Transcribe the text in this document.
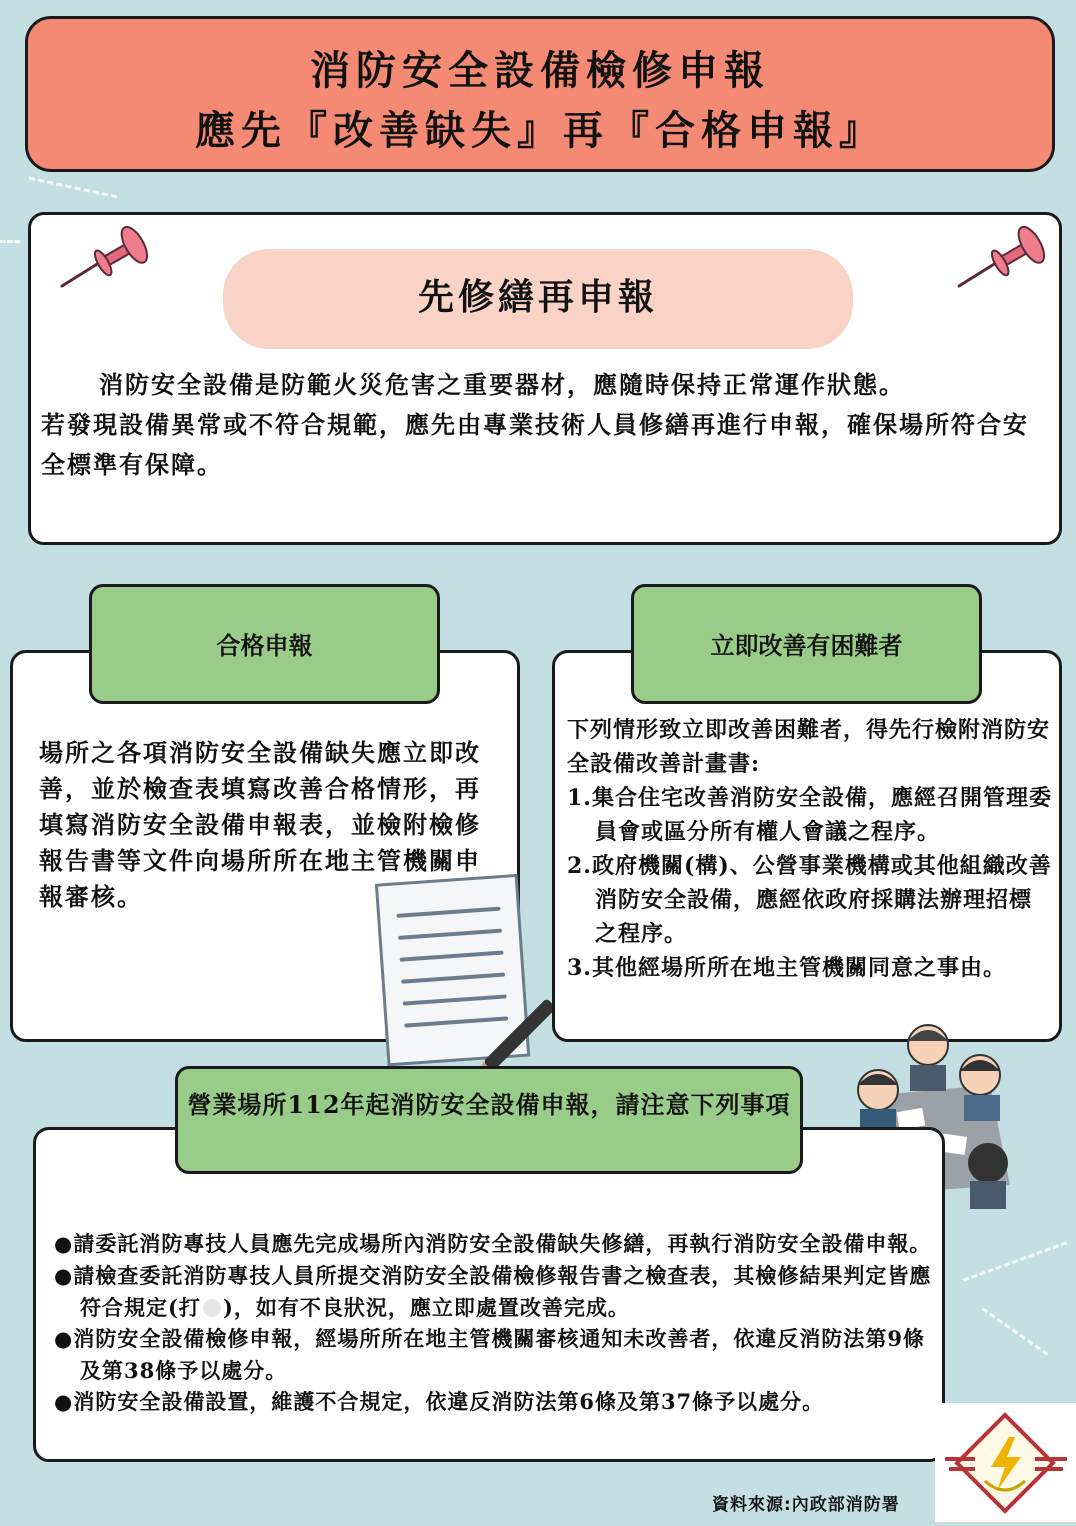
消防安全設備檢修申報
應先『改善缺失』再『合格申報』
先修繕再申報

消防安全設備是防範火災危害之重要器材，應隨時保持正常運作狀態。

若發現設備異常或不符合規範，應先由專業技術人員修繕再進行申報，確保場所符合安全標準有保障。

場所之各項消防安全設備缺失應立即改善，並於檢查表填寫改善合格情形，再填寫消防安全設備申報表，並檢附檢修報告書等文件向場所所在地主管機關申報審核。
合格申報

下列情形致立即改善困難者，得先行檢附消防安全設備改善計畫書:

1.集合住宅改善消防安全設備，應經召開管理委員會或區分所有權人會議之程序。

2.政府機關(構)、公營事業機構或其他組織改善消防安全設備，應經依政府採購法辦理招標之程序。

3.其他經場所所在地主管機關同意之事由。

立即改善有困難者

●請委託消防專技人員應先完成場所內消防安全設備缺失修繕，再執行消防安全設備申報。

●請檢查委託消防專技人員所提交消防安全設備檢修報告書之檢查表，其檢修結果判定皆應符合規定(打 )，如有不良狀況，應立即處置改善完成。

●消防安全設備檢修申報，經場所所在地主管機關審核通知未改善者，依違反消防法第9條及第38條予以處分。

●消防安全設備設置，維護不合規定，依違反消防法第6條及第37條予以處分。

營業場所112年起消防安全設備申報，請注意下列事項
資料來源:內政部消防署
